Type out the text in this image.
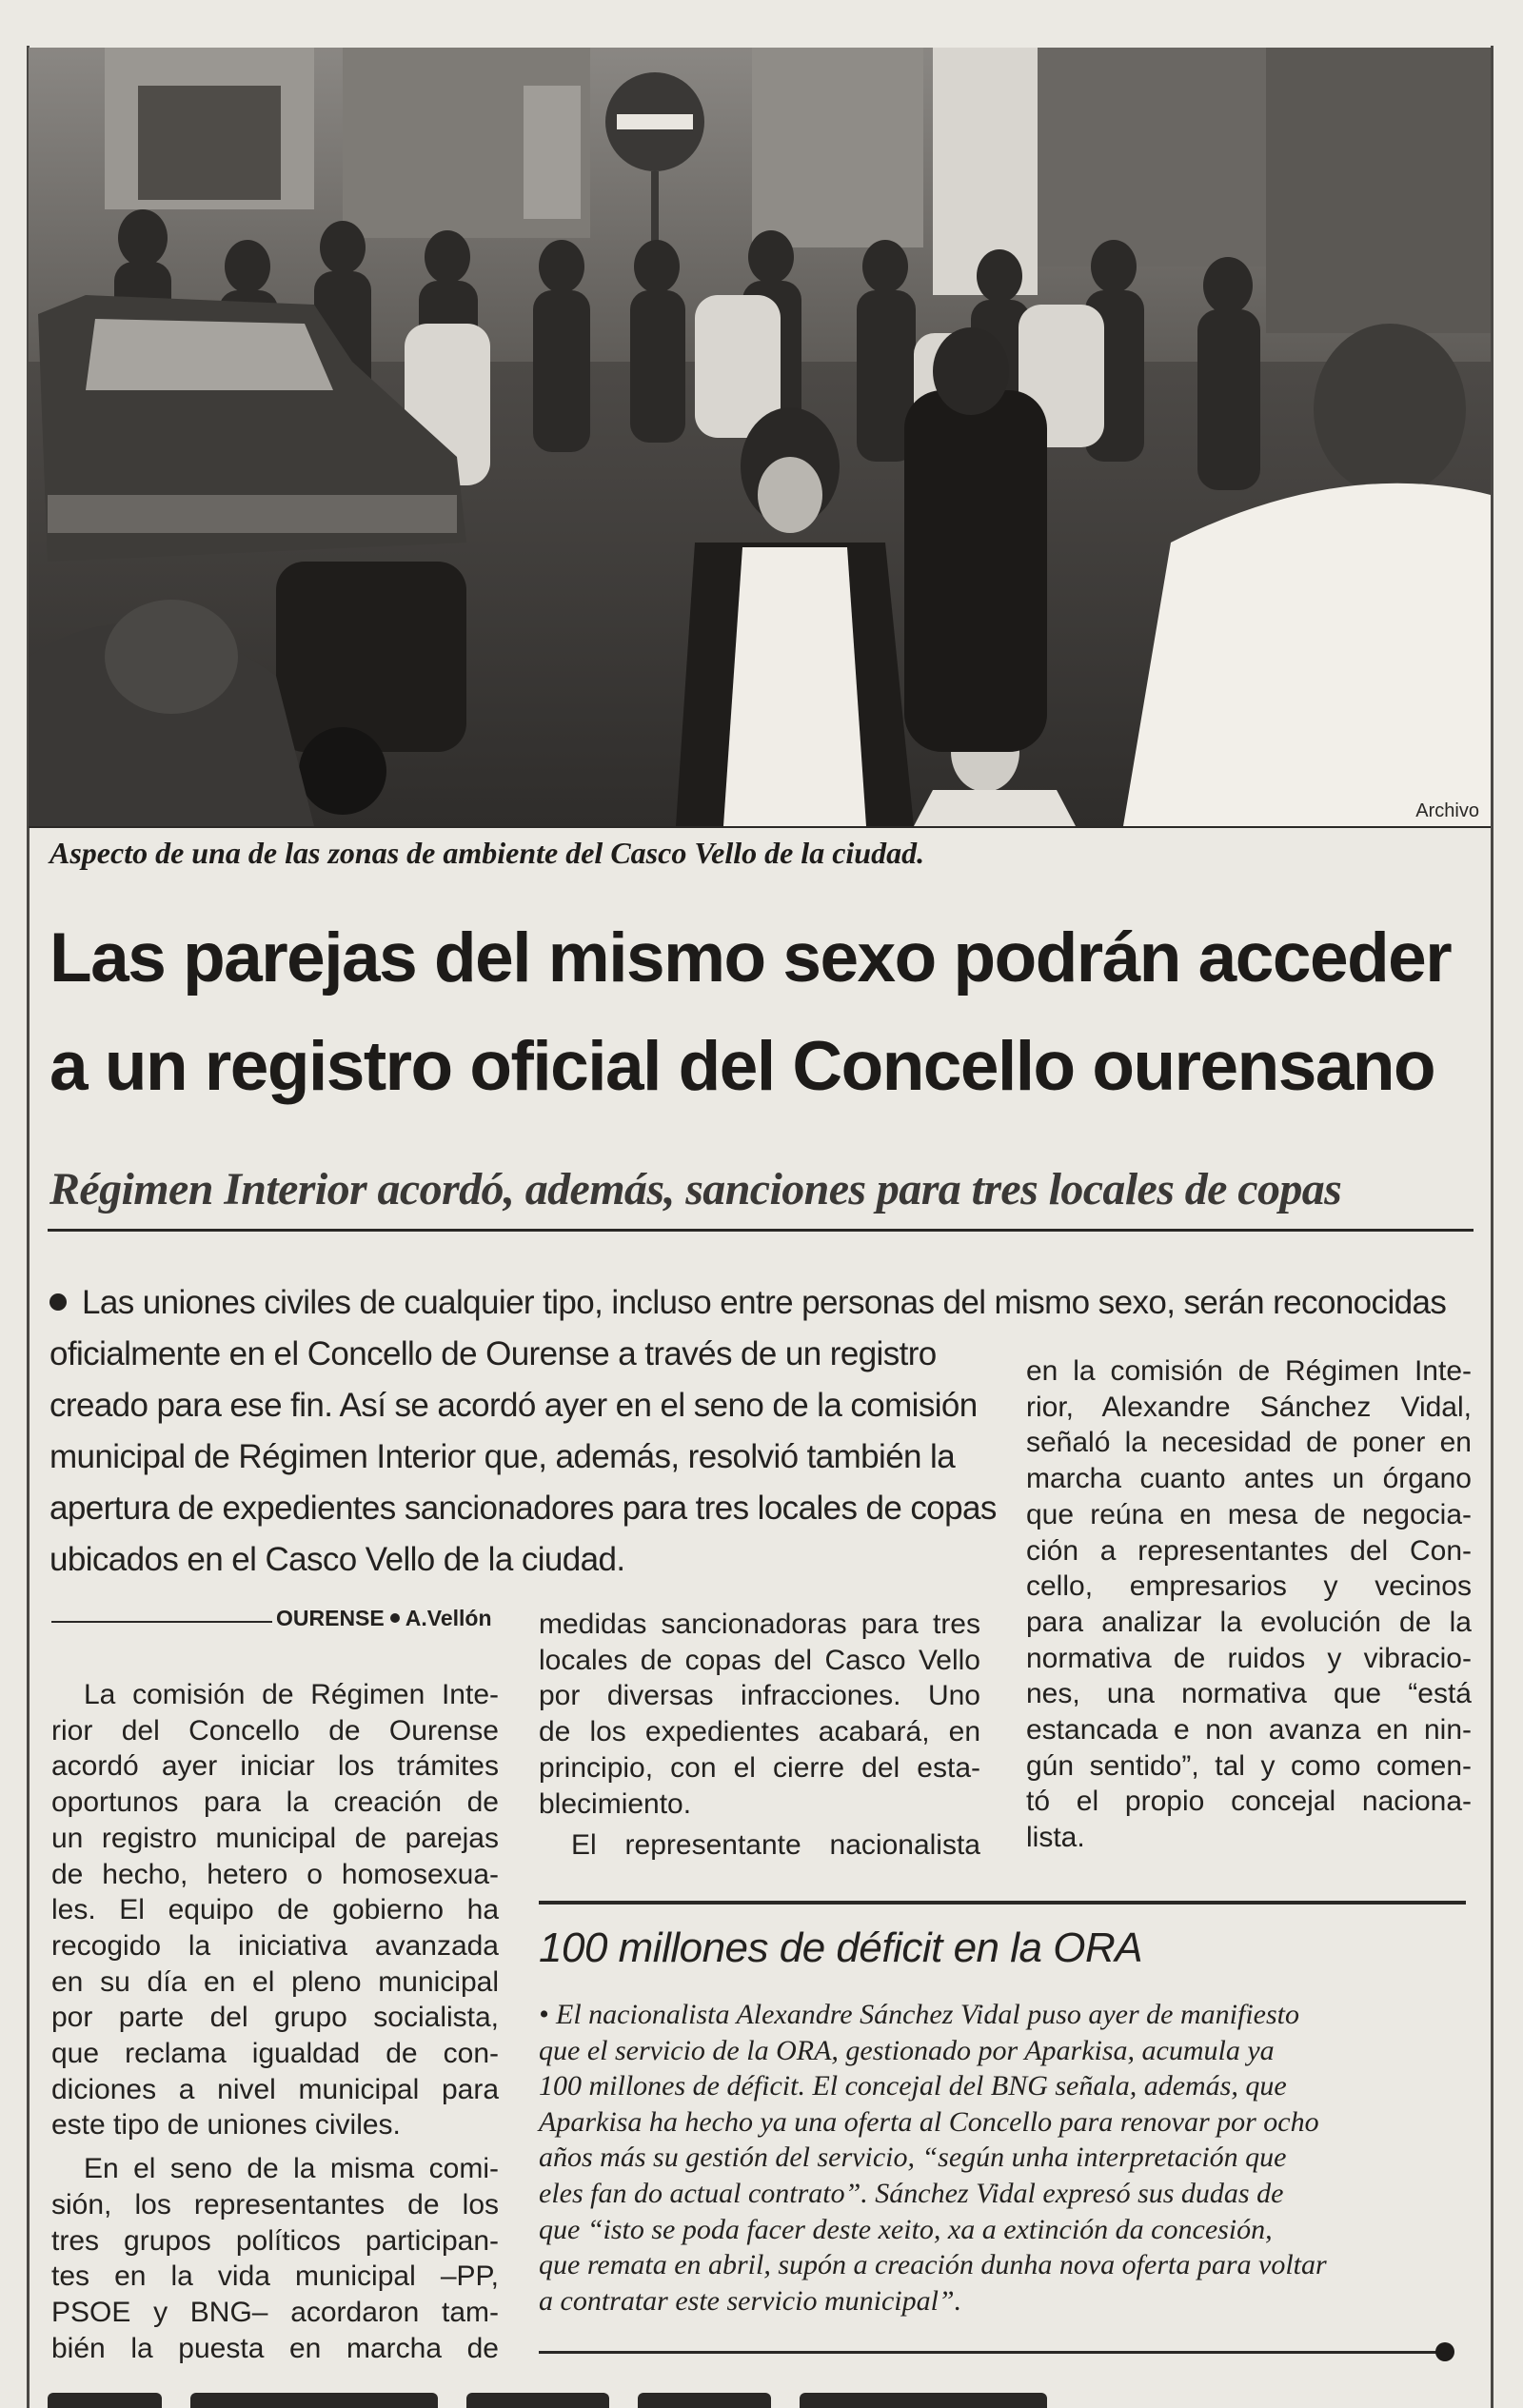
Archivo
Aspecto de una de las zonas de ambiente del Casco Vello de la ciudad.
Las parejas del mismo sexo podrán acceder
a un registro oficial del Concello ourensano
Régimen Interior acordó, además, sanciones para tres locales de copas
Las uniones civiles de cualquier tipo, incluso entre personas del mismo sexo, serán reconocidas
oficialmente en el Concello de Ourense a través de un registro
creado para ese fin. Así se acordó ayer en el seno de la comisión
municipal de Régimen Interior que, además, resolvió también la
apertura de expedientes sancionadores para tres locales de copas
ubicados en el Casco Vello de la ciudad.
OURENSE A.Vellón
La comisión de Régimen Inte-
rior del Concello de Ourense
acordó ayer iniciar los trámites
oportunos para la creación de
un registro municipal de parejas
de hecho, hetero o homosexua-
les. El equipo de gobierno ha
recogido la iniciativa avanzada
en su día en el pleno municipal
por parte del grupo socialista,
que reclama igualdad de con-
diciones a nivel municipal para
este tipo de uniones civiles.
En el seno de la misma comi-
sión, los representantes de los
tres grupos políticos participan-
tes en la vida municipal –PP,
PSOE y BNG– acordaron tam-
bién la puesta en marcha de
medidas sancionadoras para tres
locales de copas del Casco Vello
por diversas infracciones. Uno
de los expedientes acabará, en
principio, con el cierre del esta-
blecimiento.
El representante nacionalista
en la comisión de Régimen Inte-
rior, Alexandre Sánchez Vidal,
señaló la necesidad de poner en
marcha cuanto antes un órgano
que reúna en mesa de negocia-
ción a representantes del Con-
cello, empresarios y vecinos
para analizar la evolución de la
normativa de ruidos y vibracio-
nes, una normativa que “está
estancada e non avanza en nin-
gún sentido”, tal y como comen-
tó el propio concejal naciona-
lista.
100 millones de déficit en la ORA
• El nacionalista Alexandre Sánchez Vidal puso ayer de manifiesto
que el servicio de la ORA, gestionado por Aparkisa, acumula ya
100 millones de déficit. El concejal del BNG señala, además, que
Aparkisa ha hecho ya una oferta al Concello para renovar por ocho
años más su gestión del servicio, “según unha interpretación que
eles fan do actual contrato”. Sánchez Vidal expresó sus dudas de
que “isto se poda facer deste xeito, xa a extinción da concesión,
que remata en abril, supón a creación dunha nova oferta para voltar
a contratar este servicio municipal”.
